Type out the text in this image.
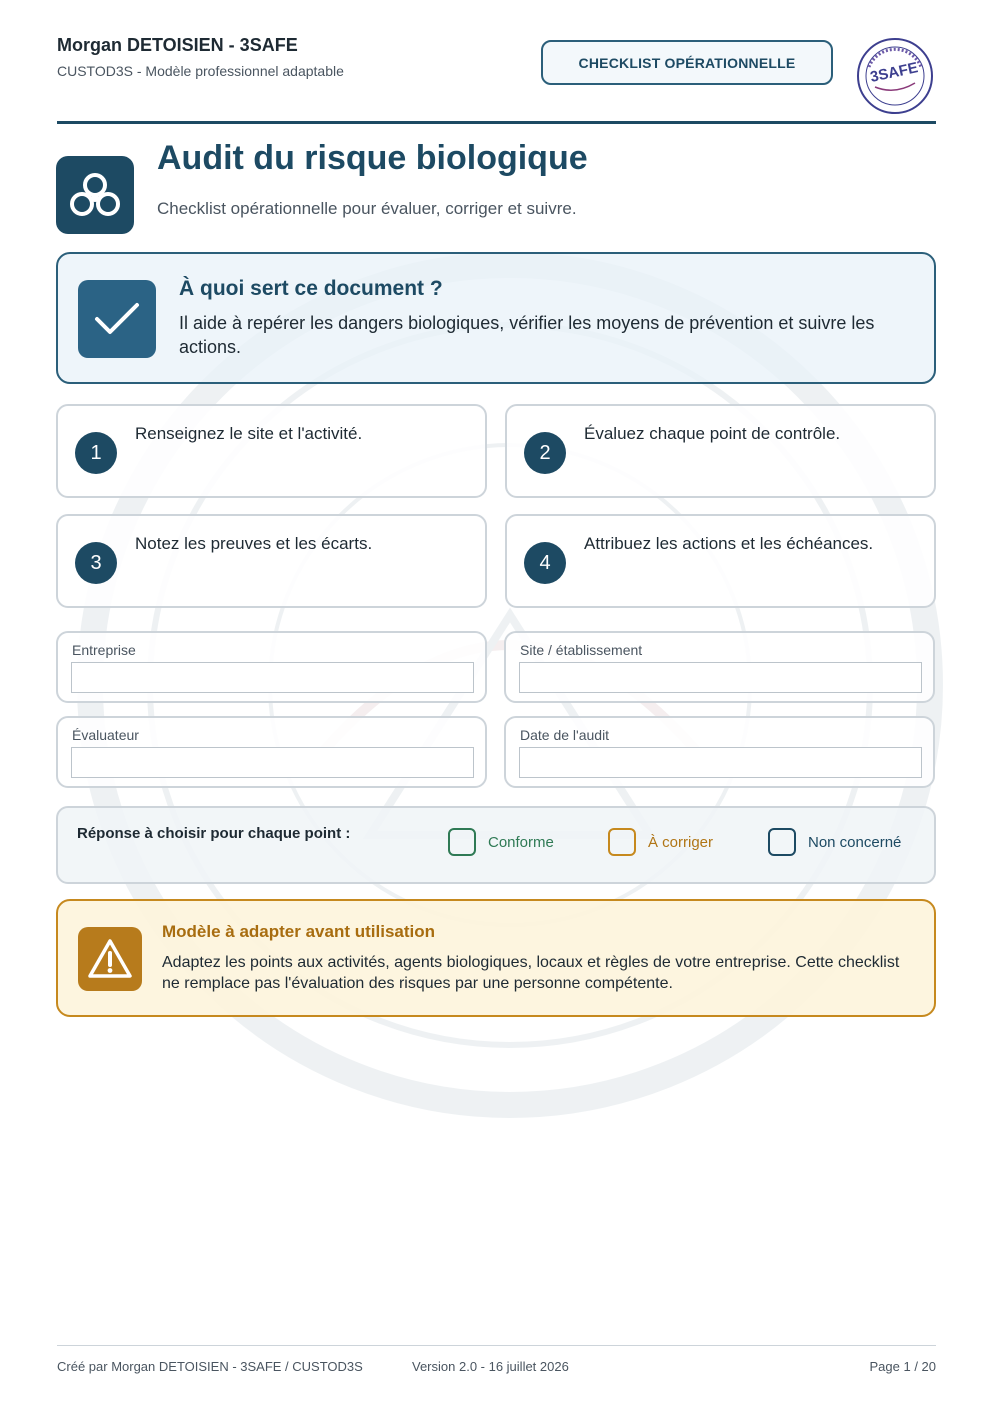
Morgan DETOISIEN - 3SAFE
CUSTOD3S - Modèle professionnel adaptable
CHECKLIST OPÉRATIONNELLE	3SAFE
Audit du risque biologique
Checklist opérationnelle pour évaluer, corriger et suivre.
À quoi sert ce document ?
Il aide à repérer les dangers biologiques, vérifier les moyens de prévention et suivre les actions.
1
Renseignez le site et l'activité.
2
Évaluez chaque point de contrôle.
3
Notez les preuves et les écarts.
4
Attribuez les actions et les échéances.
Entreprise	Site / établissement
Évaluateur	Date de l'audit
Réponse à choisir pour chaque point :	Conforme	À corriger	Non concerné
Modèle à adapter avant utilisation
Adaptez les points aux activités, agents biologiques, locaux et règles de votre entreprise. Cette checklist ne remplace pas l'évaluation des risques par une personne compétente.
Créé par Morgan DETOISIEN - 3SAFE / CUSTOD3S	Version 2.0 - 16 juillet 2026	Page 1 / 20
